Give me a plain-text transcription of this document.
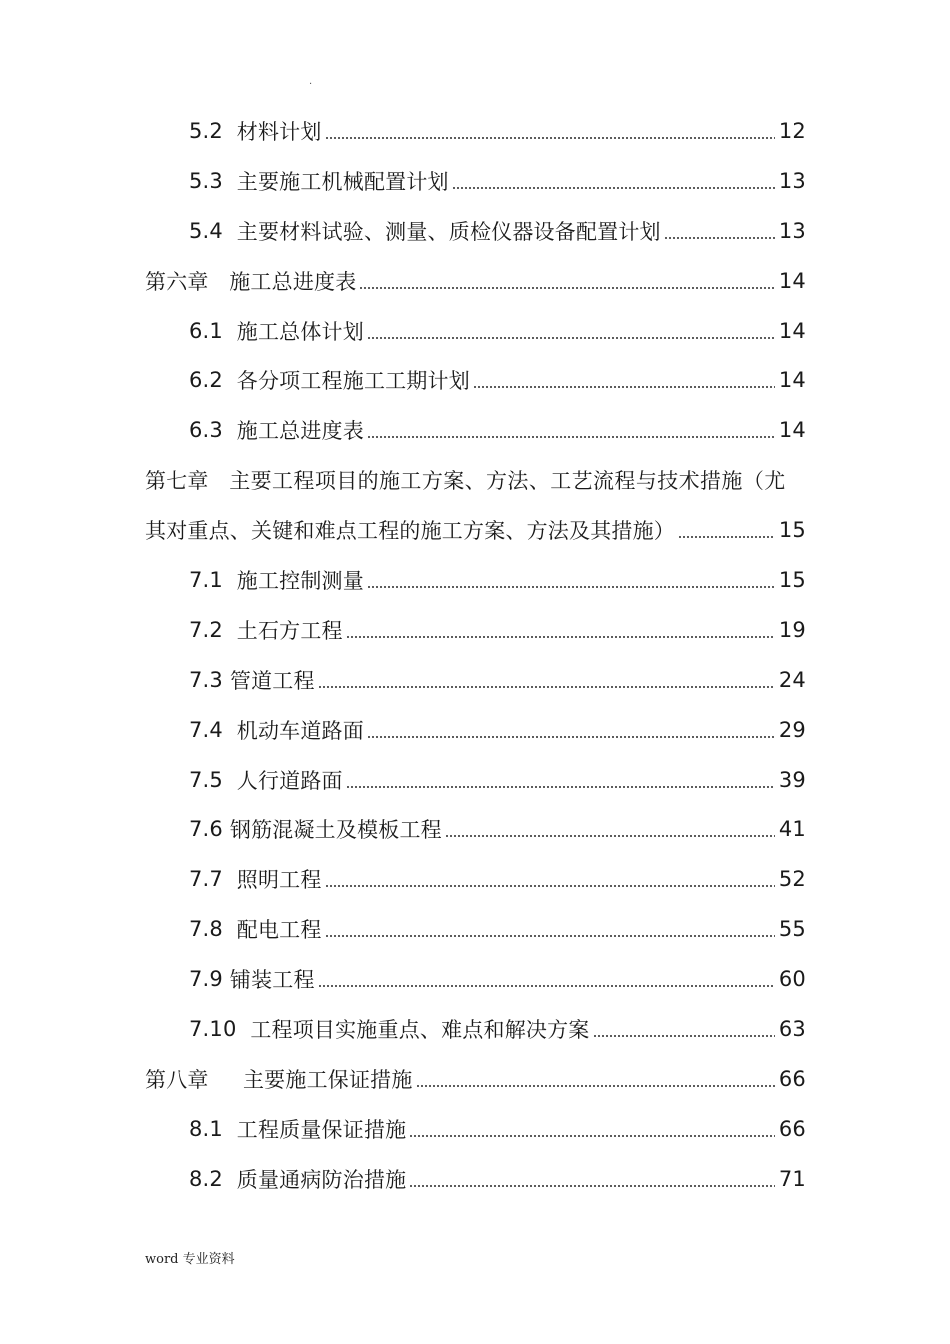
.
5.2 材料计划	12
5.3 主要施工机械配置计划	13
5.4 主要材料试验、测量、质检仪器设备配置计划	13
第六章 施工总进度表	14
6.1 施工总体计划	14
6.2 各分项工程施工工期计划	14
6.3 施工总进度表	14
第七章 主要工程项目的施工方案、方法、工艺流程与技术措施（尤
其对重点、关键和难点工程的施工方案、方法及其措施）	15
7.1 施工控制测量	15
7.2 土石方工程	19
7.3 管道工程	24
7.4 机动车道路面	29
7.5 人行道路面	39
7.6 钢筋混凝土及模板工程	41
7.7 照明工程	52
7.8 配电工程	55
7.9 铺装工程	60
7.10 工程项目实施重点、难点和解决方案	63
第八章 主要施工保证措施	66
8.1 工程质量保证措施	66
8.2 质量通病防治措施	71
word 专业资料
